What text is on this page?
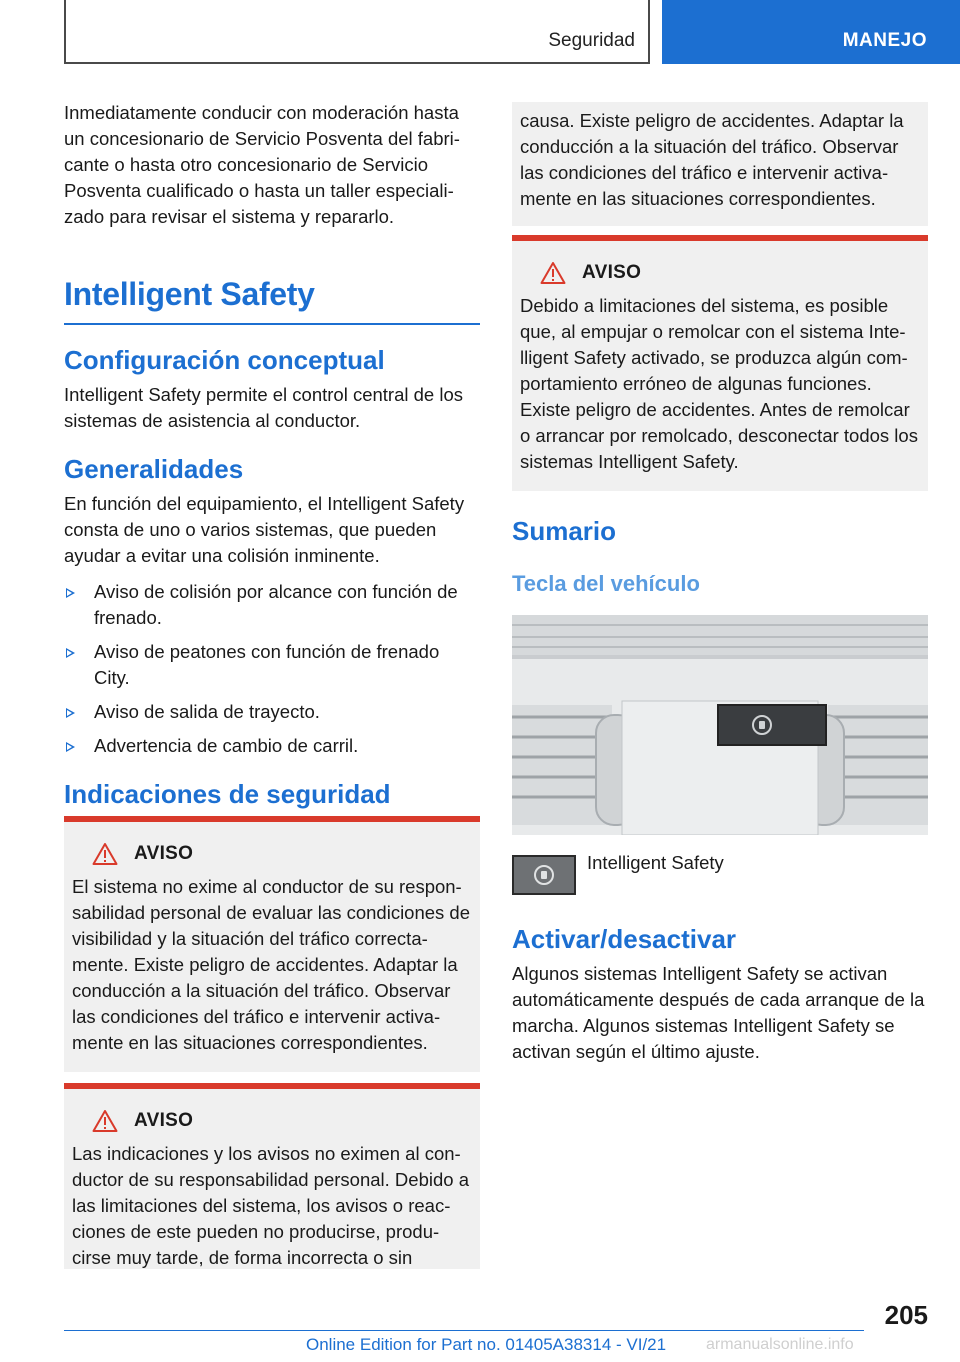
Seguridad	MANEJO

Inmediatamente conducir con moderación hasta un concesionario de Servicio Posventa del fabri-cante o hasta otro concesionario de Servicio Posventa cualificado o hasta un taller especiali-zado para revisar el sistema y repararlo.

Intelligent Safety
Configuración conceptual

Intelligent Safety permite el control central de los sistemas de asistencia al conductor.

Generalidades

En función del equipamiento, el Intelligent Safety consta de uno o varios sistemas, que pueden ayudar a evitar una colisión inminente.

Aviso de colisión por alcance con función de frenado.
Aviso de peatones con función de frenado City.
Aviso de salida de trayecto.
Advertencia de cambio de carril.
Indicaciones de seguridad
AVISO

El sistema no exime al conductor de su respon-sabilidad personal de evaluar las condiciones de visibilidad y la situación del tráfico correcta-mente. Existe peligro de accidentes. Adaptar la conducción a la situación del tráfico. Observar las condiciones del tráfico e intervenir activa-mente en las situaciones correspondientes.

AVISO

Las indicaciones y los avisos no eximen al con-ductor de su responsabilidad personal. Debido a las limitaciones del sistema, los avisos o reac-ciones de este pueden no producirse, produ-cirse muy tarde, de forma incorrecta o sin

causa. Existe peligro de accidentes. Adaptar la conducción a la situación del tráfico. Observar las condiciones del tráfico e intervenir activa-mente en las situaciones correspondientes.

AVISO

Debido a limitaciones del sistema, es posible que, al empujar o remolcar con el sistema Inte-lligent Safety activado, se produzca algún com-portamiento erróneo de algunas funciones. Existe peligro de accidentes. Antes de remolcar o arrancar por remolcado, desconectar todos los sistemas Intelligent Safety.

Sumario
Tecla del vehículo
Intelligent Safety
Activar/desactivar

Algunos sistemas Intelligent Safety se activan automáticamente después de cada arranque de la marcha. Algunos sistemas Intelligent Safety se activan según el último ajuste.

205
Online Edition for Part no. 01405A38314 - VI/21 armanualsonline.info
